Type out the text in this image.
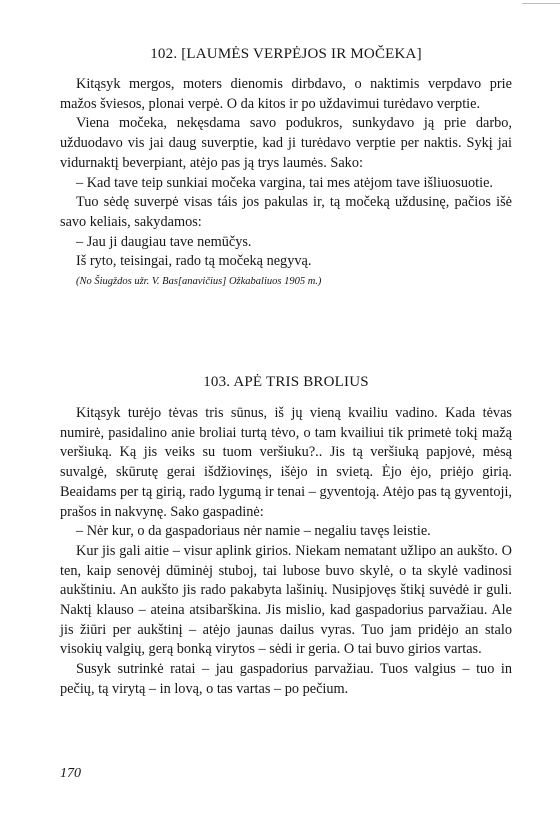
102. [LAUMĖS VERPĖJOS IR MOČEKA]

Kitąsyk mergos, moters dienomis dirbdavo, o naktimis verpdavo prie mažos šviesos, plonai verpė. O da kitos ir po uždavimui turėdavo verptie.

Viena močeka, nekęsdama savo podukros, sunkydavo ją prie darbo, užduodavo vis jai daug suverptie, kad ji turėdavo verptie per naktis. Sykį jai vidurnaktį beverpiant, atėjo pas ją trys laumės. Sako:

– Kad tave teip sunkiai močeka vargina, tai mes atėjom tave išliuosuotie.

Tuo sėdę suverpė visas táis jos pakulas ir, tą močeką uždusinę, pačios išė savo keliais, sakydamos:

– Jau ji daugiau tave nemūčys.

Iš ryto, teisingai, rado tą močeką negyvą.

(No Šiugždos užr. V. Bas[anavičius] Ožkabaliuos 1905 m.)
103. APĖ TRIS BROLIUS

Kitąsyk turėjo tėvas tris sūnus, iš jų vieną kvailiu vadino. Kada tėvas numirė, pasidalino anie broliai turtą tėvo, o tam kvailiui tik primetė tokį mažą veršiuką. Ką jis veiks su tuom veršiuku?.. Jis tą veršiuką papjovė, mėsą suvalgė, skūrutę gerai išdžiovinęs, išėjo in svietą. Ėjo ėjo, priėjo girią. Beaidams per tą girią, rado lygumą ir tenai – gyventoją. Atėjo pas tą gyventoji, prašos in nakvynę. Sako gaspadinė:

– Nėr kur, o da gaspadoriaus nėr namie – negaliu tavęs leistie.

Kur jis gali aitie – visur aplink girios. Niekam nematant užlipo an aukšto. O ten, kaip senovėj dūminėj stuboj, tai lubose buvo skylė, o ta skylė vadinosi aukštiniu. An aukšto jis rado pakabyta lašinių. Nusipjovęs štikį suvėdė ir guli. Naktį klauso – ateina atsibarškina. Jis mislio, kad gaspadorius parvažiau. Ale jis žiūri per aukštinį – atėjo jaunas dailus vyras. Tuo jam pridėjo an stalo visokių valgių, gerą bonką virytos – sėdi ir geria. O tai buvo girios vartas.

Susyk sutrinkė ratai – jau gaspadorius parvažiau. Tuos valgius – tuo in pečių, tą virytą – in lovą, o tas vartas – po pečium.

170
